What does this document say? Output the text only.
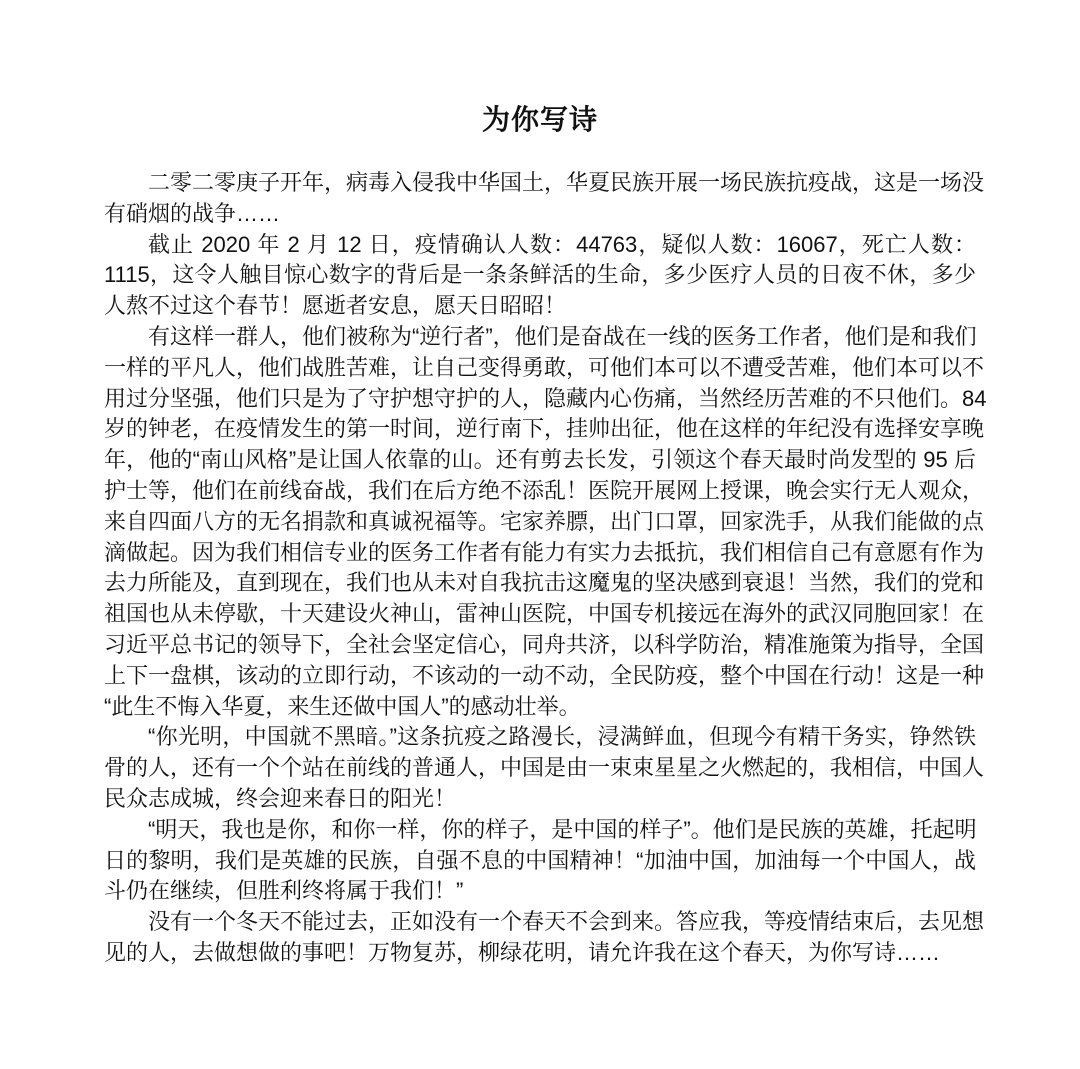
为你写诗
二零二零庚子开年，病毒入侵我中华国土，华夏民族开展一场民族抗疫战，这是一场没
有硝烟的战争……
截止 2020 年 2 月 12 日，疫情确认人数：44763，疑似人数：16067，死亡人数：
1115，这令人触目惊心数字的背后是一条条鲜活的生命，多少医疗人员的日夜不休，多少
人熬不过这个春节！愿逝者安息，愿天日昭昭！
有这样一群人，他们被称为“逆行者”，他们是奋战在一线的医务工作者，他们是和我们
一样的平凡人，他们战胜苦难，让自己变得勇敢，可他们本可以不遭受苦难，他们本可以不
用过分坚强，他们只是为了守护想守护的人，隐藏内心伤痛，当然经历苦难的不只他们。84
岁的钟老，在疫情发生的第一时间，逆行南下，挂帅出征，他在这样的年纪没有选择安享晚
年，他的“南山风格”是让国人依靠的山。还有剪去长发，引领这个春天最时尚发型的 95 后
护士等，他们在前线奋战，我们在后方绝不添乱！医院开展网上授课，晚会实行无人观众，
来自四面八方的无名捐款和真诚祝福等。宅家养膘，出门口罩，回家洗手，从我们能做的点
滴做起。因为我们相信专业的医务工作者有能力有实力去抵抗，我们相信自己有意愿有作为
去力所能及，直到现在，我们也从未对自我抗击这魔鬼的坚决感到衰退！当然，我们的党和
祖国也从未停歇，十天建设火神山，雷神山医院，中国专机接远在海外的武汉同胞回家！在
习近平总书记的领导下，全社会坚定信心，同舟共济，以科学防治，精准施策为指导，全国
上下一盘棋，该动的立即行动，不该动的一动不动，全民防疫，整个中国在行动！这是一种
“此生不悔入华夏，来生还做中国人”的感动壮举。
“你光明，中国就不黑暗。”这条抗疫之路漫长，浸满鲜血，但现今有精干务实，铮然铁
骨的人，还有一个个站在前线的普通人，中国是由一束束星星之火燃起的，我相信，中国人
民众志成城，终会迎来春日的阳光！
“明天，我也是你，和你一样，你的样子，是中国的样子”。他们是民族的英雄，托起明
日的黎明，我们是英雄的民族，自强不息的中国精神！“加油中国，加油每一个中国人，战
斗仍在继续，但胜利终将属于我们！”
没有一个冬天不能过去，正如没有一个春天不会到来。答应我，等疫情结束后，去见想
见的人，去做想做的事吧！万物复苏，柳绿花明，请允许我在这个春天，为你写诗……
